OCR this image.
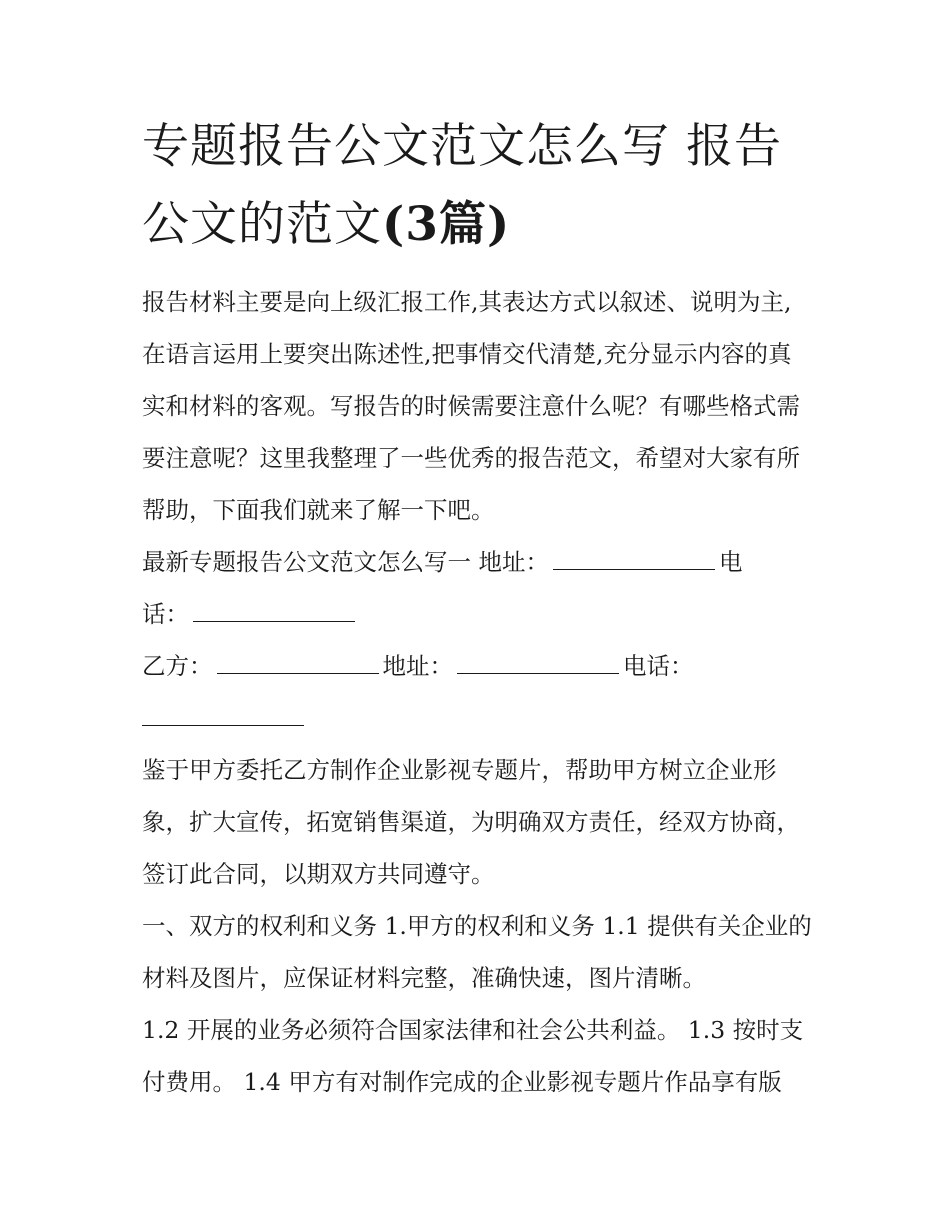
专题报告公文范文怎么写 报告公文的范文(3篇)

报告材料主要是向上级汇报工作,其表达方式以叙述、说明为主,在语言运用上要突出陈述性,把事情交代清楚,充分显示内容的真实和材料的客观。写报告的时候需要注意什么呢？有哪些格式需要注意呢？这里我整理了一些优秀的报告范文，希望对大家有所帮助，下面我们就来了解一下吧。

最新专题报告公文范文怎么写一 地址：	电
话：

乙方：	地址：	电话：

鉴于甲方委托乙方制作企业影视专题片，帮助甲方树立企业形象，扩大宣传，拓宽销售渠道，为明确双方责任，经双方协商，签订此合同，以期双方共同遵守。

一、双方的权利和义务 1.甲方的权利和义务 1.1 提供有关企业的材料及图片，应保证材料完整，准确快速，图片清晰。

1.2 开展的业务必须符合国家法律和社会公共利益。 1.3 按时支付费用。 1.4 甲方有对制作完成的企业影视专题片作品享有版
